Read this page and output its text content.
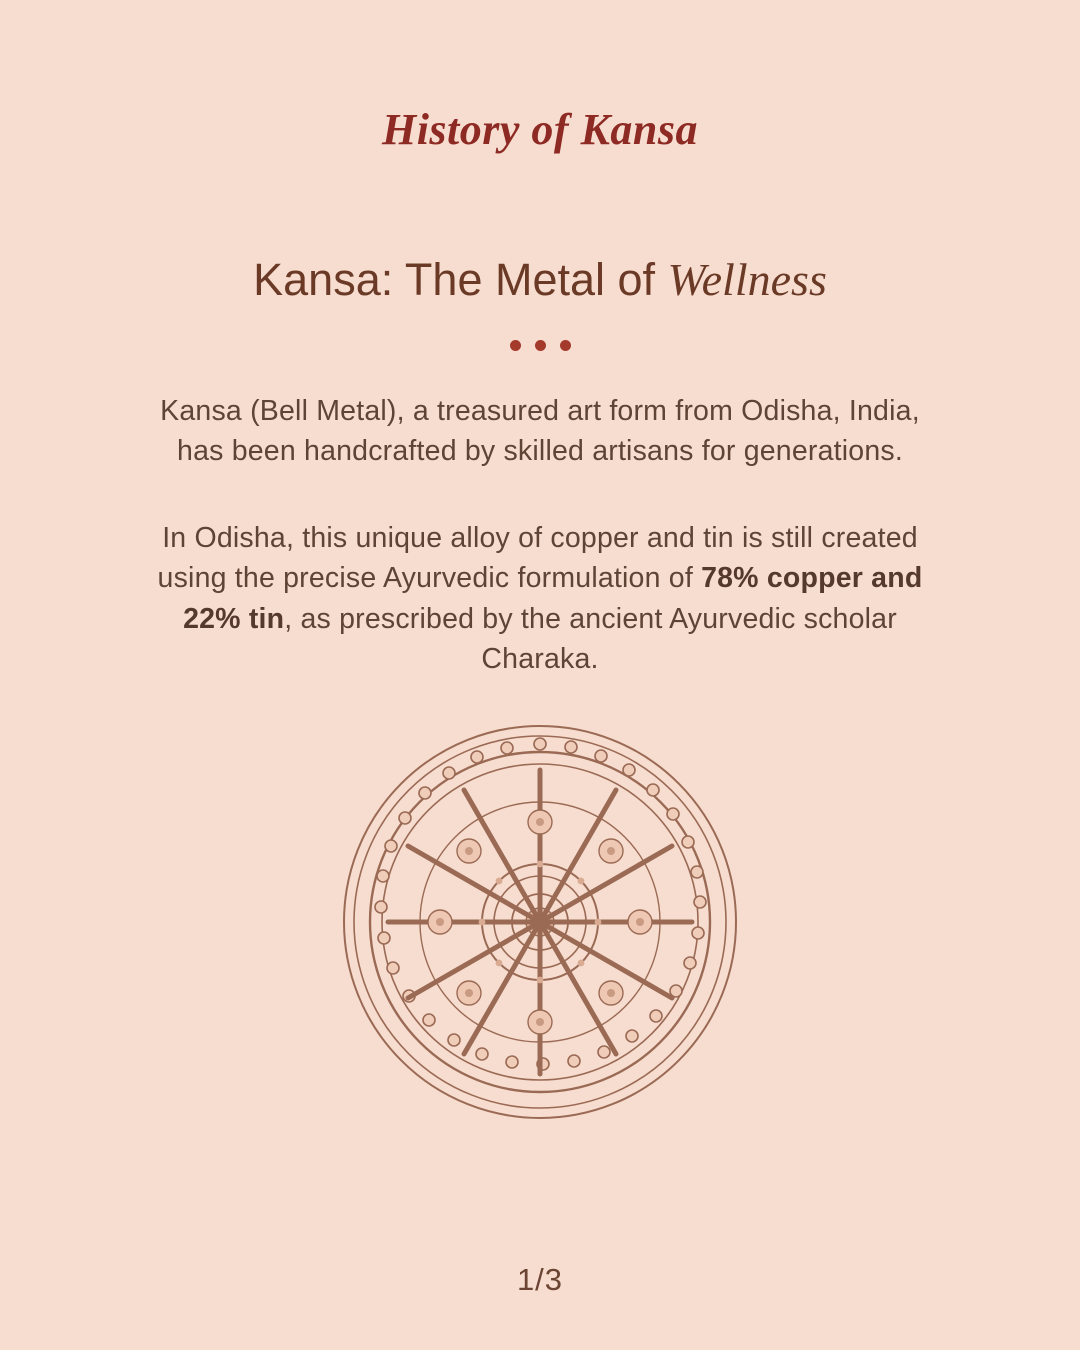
History of Kansa
Kansa: The Metal of Wellness
Kansa (Bell Metal), a treasured art form from Odisha, India, has been handcrafted by skilled artisans for generations.
In Odisha, this unique alloy of copper and tin is still created using the precise Ayurvedic formulation of 78% copper and 22% tin, as prescribed by the ancient Ayurvedic scholar Charaka.
1/3
